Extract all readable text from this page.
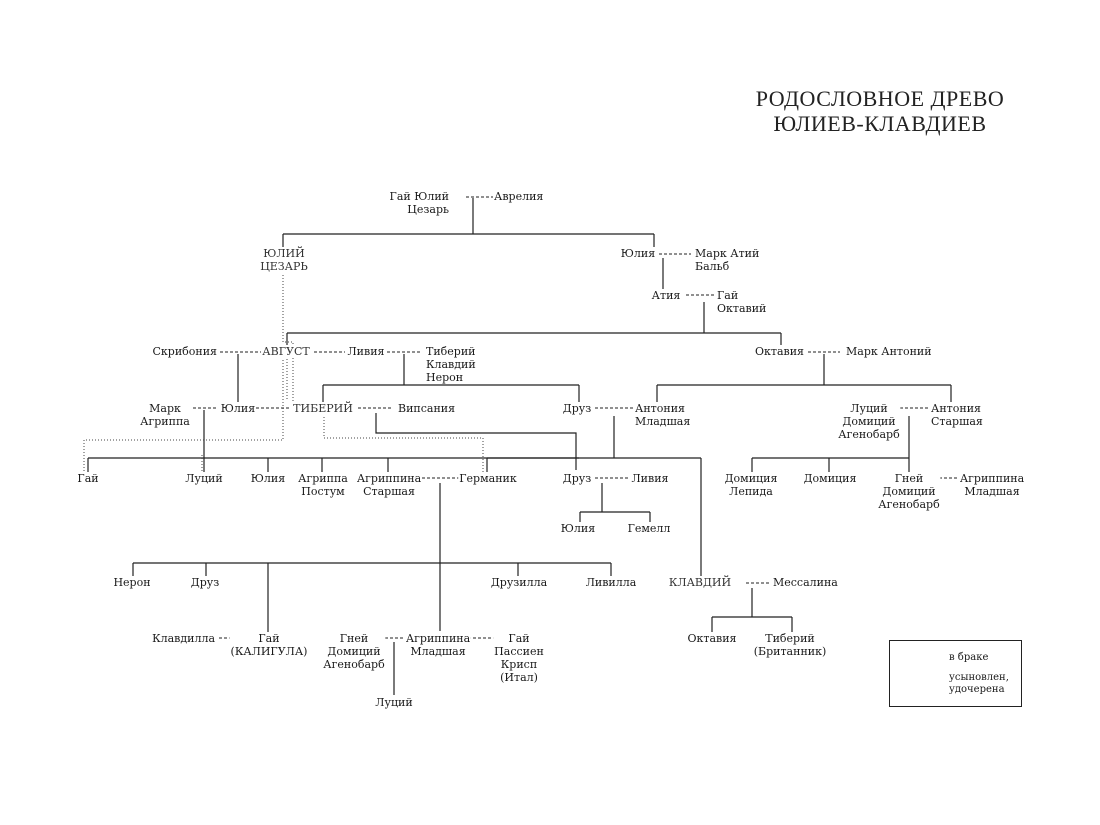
РОДОСЛОВНОЕ ДРЕВО
ЮЛИЕВ-КЛАВДИЕВ
Гай Юлий
Цезарь
Аврелия
ЮЛИЙ
ЦЕЗАРЬ
Юлия	Марк Атий
Бальб
Атия	Гай
Октавий
Скрибония	АВГУСТ	Ливия	Тиберий
Клавдий
Нерон
Октавия	Марк Антоний
Марк
Агриппа
Юлия	ТИБЕРИЙ	Випсания	Друз	Антония
Младшая
Луций
Домиций
Агенобарб
Антония
Старшая
Гай	Луций	Юлия Агриппа
Постум
Агриппина
Старшая
Германик	Друз	Ливия	Домиция
Лепида
Домиция	Гней
Домиций
Агенобарб
Агриппина
Младшая
Юлия	Гемелл
Нерон	Друз	Друзилла	Ливилла	КЛАВДИЙ	Мессалина
Клавдилла	Гай
(КАЛИГУЛА)
Гней
Домиций
Агенобарб
Агриппина
Младшая
Гай
Пассиен
Крисп
(Итал)
Октавия	Тиберий
(Британник)
Луций
в браке
усыновлен,
удочерена
